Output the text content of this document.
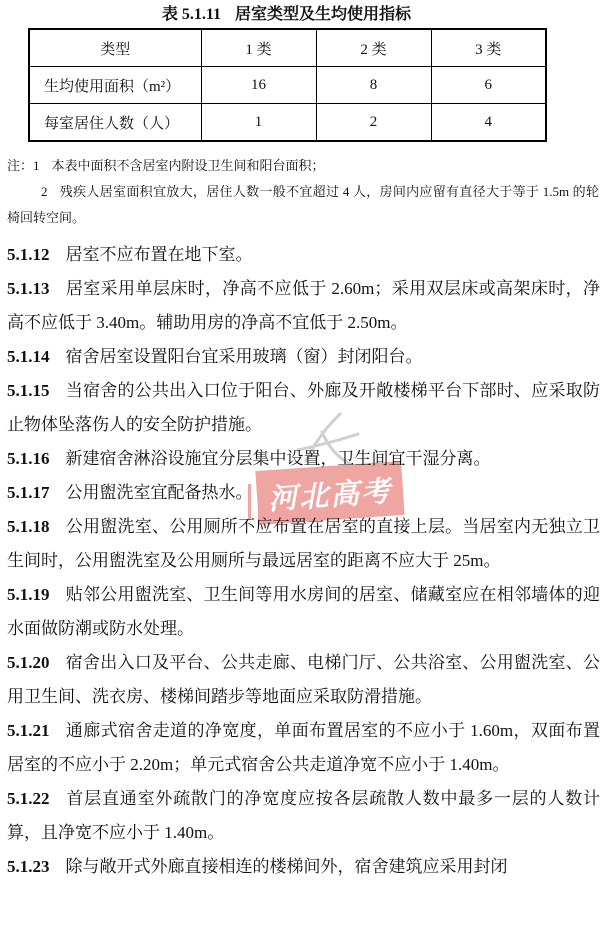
河北高考
表 5.1.11 居室类型及生均使用指标
类型	1 类	2 类	3 类
生均使用面积（m²）	16	8	6
每室居住人数（人）	1	2	4

注：1 本表中面积不含居室内附设卫生间和阳台面积；

2 残疾人居室面积宜放大，居住人数一般不宜超过 4 人，房间内应留有直径大于等于 1.5m 的轮椅回转空间。

5.1.12 居室不应布置在地下室。

5.1.13 居室采用单层床时，净高不应低于 2.60m；采用双层床或高架床时，净高不应低于 3.40m。辅助用房的净高不宜低于 2.50m。

5.1.14 宿舍居室设置阳台宜采用玻璃（窗）封闭阳台。

5.1.15 当宿舍的公共出入口位于阳台、外廊及开敞楼梯平台下部时、应采取防止物体坠落伤人的安全防护措施。

5.1.16 新建宿舍淋浴设施宜分层集中设置，卫生间宜干湿分离。

5.1.17 公用盥洗室宜配备热水。

5.1.18 公用盥洗室、公用厕所不应布置在居室的直接上层。当居室内无独立卫生间时，公用盥洗室及公用厕所与最远居室的距离不应大于 25m。

5.1.19 贴邻公用盥洗室、卫生间等用水房间的居室、储藏室应在相邻墙体的迎水面做防潮或防水处理。

5.1.20 宿舍出入口及平台、公共走廊、电梯门厅、公共浴室、公用盥洗室、公用卫生间、洗衣房、楼梯间踏步等地面应采取防滑措施。

5.1.21 通廊式宿舍走道的净宽度，单面布置居室的不应小于 1.60m，双面布置居室的不应小于 2.20m；单元式宿舍公共走道净宽不应小于 1.40m。

5.1.22 首层直通室外疏散门的净宽度应按各层疏散人数中最多一层的人数计算，且净宽不应小于 1.40m。

5.1.23 除与敞开式外廊直接相连的楼梯间外，宿舍建筑应采用封闭
